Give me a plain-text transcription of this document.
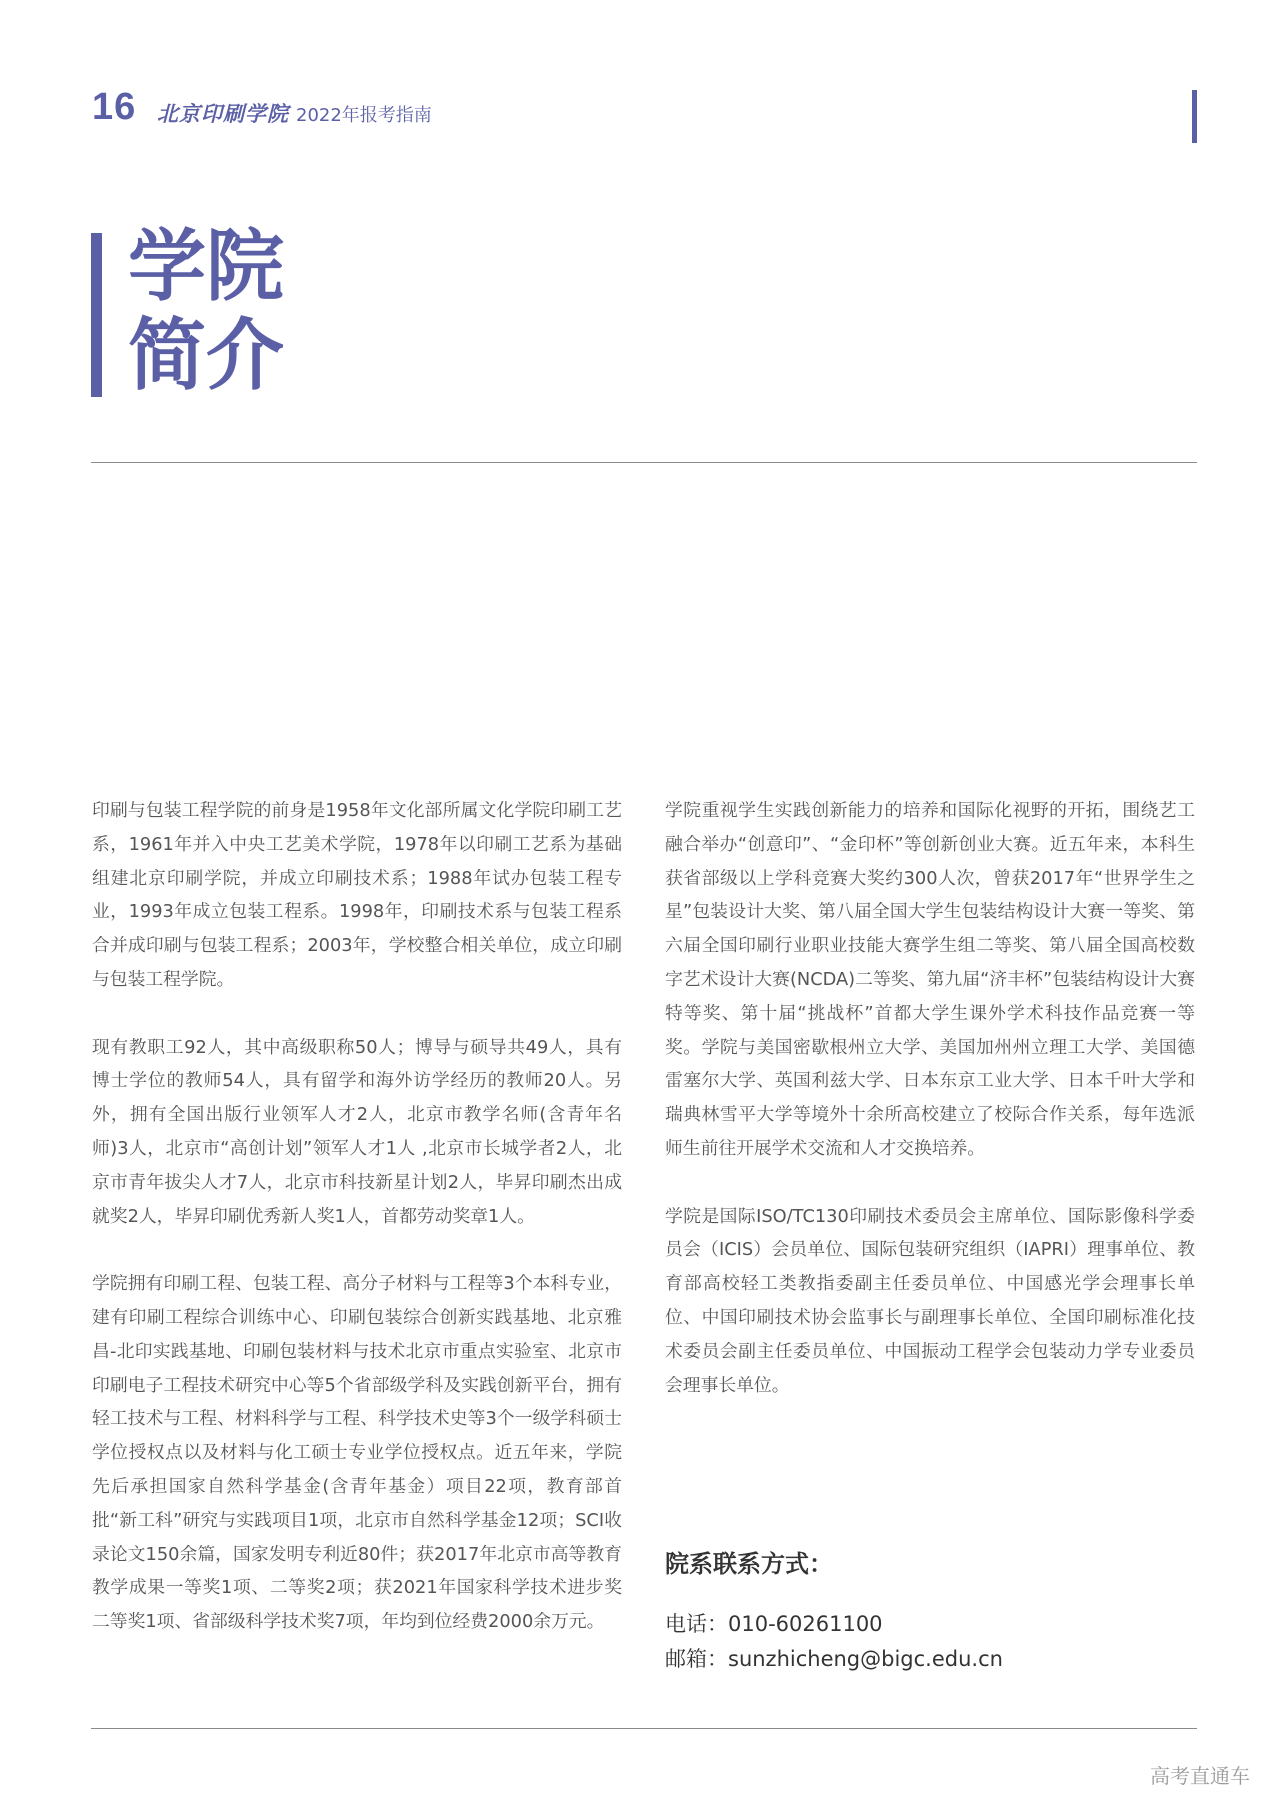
16 北京印刷学院 2022年报考指南
学院
简介

印刷与包装工程学院的前身是1958年文化部所属文化学院印刷工艺系，1961年并入中央工艺美术学院，1978年以印刷工艺系为基础组建北京印刷学院，并成立印刷技术系；1988年试办包装工程专业，1993年成立包装工程系。1998年，印刷技术系与包装工程系合并成印刷与包装工程系；2003年，学校整合相关单位，成立印刷与包装工程学院。

现有教职工92人，其中高级职称50人；博导与硕导共49人，具有博士学位的教师54人，具有留学和海外访学经历的教师20人。另外，拥有全国出版行业领军人才2人，北京市教学名师(含青年名师)3人，北京市“高创计划”领军人才1人 ,北京市长城学者2人，北京市青年拔尖人才7人，北京市科技新星计划2人，毕昇印刷杰出成就奖2人，毕昇印刷优秀新人奖1人，首都劳动奖章1人。

学院拥有印刷工程、包装工程、高分子材料与工程等3个本科专业，建有印刷工程综合训练中心、印刷包装综合创新实践基地、北京雅昌-北印实践基地、印刷包装材料与技术北京市重点实验室、北京市印刷电子工程技术研究中心等5个省部级学科及实践创新平台，拥有轻工技术与工程、材料科学与工程、科学技术史等3个一级学科硕士学位授权点以及材料与化工硕士专业学位授权点。近五年来，学院先后承担国家自然科学基金(含青年基金）项目22项，教育部首批“新工科”研究与实践项目1项，北京市自然科学基金12项；SCI收录论文150余篇，国家发明专利近80件；获2017年北京市高等教育教学成果一等奖1项、二等奖2项；获2021年国家科学技术进步奖二等奖1项、省部级科学技术奖7项，年均到位经费2000余万元。

学院重视学生实践创新能力的培养和国际化视野的开拓，围绕艺工融合举办“创意印”、“金印杯”等创新创业大赛。近五年来，本科生获省部级以上学科竞赛大奖约300人次，曾获2017年“世界学生之星”包装设计大奖、第八届全国大学生包装结构设计大赛一等奖、第六届全国印刷行业职业技能大赛学生组二等奖、第八届全国高校数字艺术设计大赛(NCDA)二等奖、第九届“济丰杯”包装结构设计大赛特等奖、第十届“挑战杯”首都大学生课外学术科技作品竞赛一等奖。学院与美国密歇根州立大学、美国加州州立理工大学、美国德雷塞尔大学、英国利兹大学、日本东京工业大学、日本千叶大学和瑞典林雪平大学等境外十余所高校建立了校际合作关系，每年选派师生前往开展学术交流和人才交换培养。

学院是国际ISO/TC130印刷技术委员会主席单位、国际影像科学委员会（ICIS）会员单位、国际包装研究组织（IAPRI）理事单位、教育部高校轻工类教指委副主任委员单位、中国感光学会理事长单位、中国印刷技术协会监事长与副理事长单位、全国印刷标准化技术委员会副主任委员单位、中国振动工程学会包装动力学专业委员会理事长单位。

院系联系方式：
电话：010-60261100
邮箱：sunzhicheng@bigc.edu.cn
高考直通车
